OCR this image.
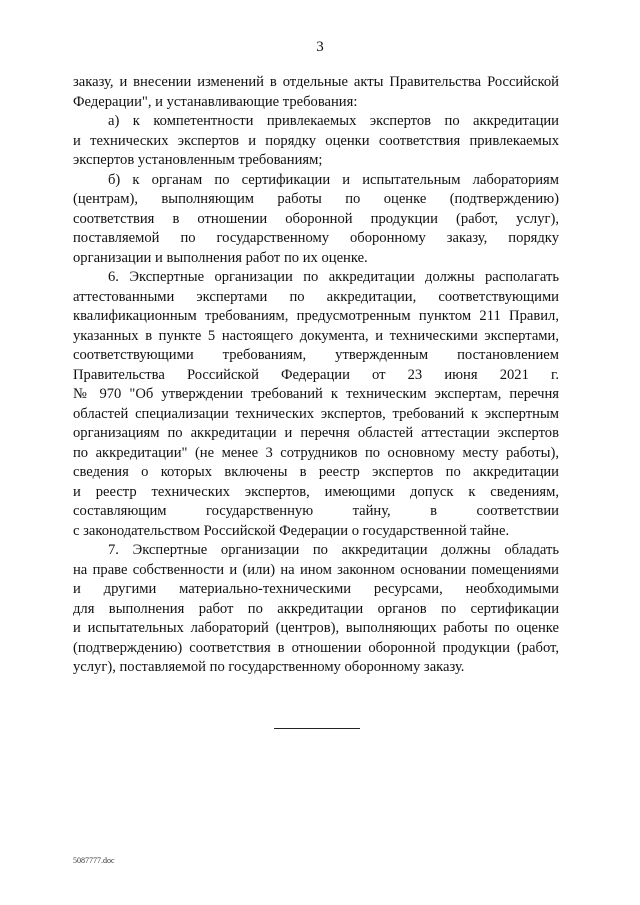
3
заказу, и внесении изменений в отдельные акты Правительства Российской
Федерации", и устанавливающие требования:
а) к компетентности привлекаемых экспертов по аккредитации
и технических экспертов и порядку оценки соответствия привлекаемых
экспертов установленным требованиям;
б) к органам по сертификации и испытательным лабораториям
(центрам), выполняющим работы по оценке (подтверждению)
соответствия в отношении оборонной продукции (работ, услуг),
поставляемой по государственному оборонному заказу, порядку
организации и выполнения работ по их оценке.
6. Экспертные организации по аккредитации должны располагать
аттестованными экспертами по аккредитации, соответствующими
квалификационным требованиям, предусмотренным пунктом 211 Правил,
указанных в пункте 5 настоящего документа, и техническими экспертами,
соответствующими требованиям, утвержденным постановлением
Правительства Российской Федерации от 23 июня 2021 г.
№ 970 "Об утверждении требований к техническим экспертам, перечня
областей специализации технических экспертов, требований к экспертным
организациям по аккредитации и перечня областей аттестации экспертов
по аккредитации" (не менее 3 сотрудников по основному месту работы),
сведения о которых включены в реестр экспертов по аккредитации
и реестр технических экспертов, имеющими допуск к сведениям,
составляющим государственную тайну, в соответствии
с законодательством Российской Федерации о государственной тайне.
7. Экспертные организации по аккредитации должны обладать
на праве собственности и (или) на ином законном основании помещениями
и другими материально-техническими ресурсами, необходимыми
для выполнения работ по аккредитации органов по сертификации
и испытательных лабораторий (центров), выполняющих работы по оценке
(подтверждению) соответствия в отношении оборонной продукции (работ,
услуг), поставляемой по государственному оборонному заказу.
5087777.doc
